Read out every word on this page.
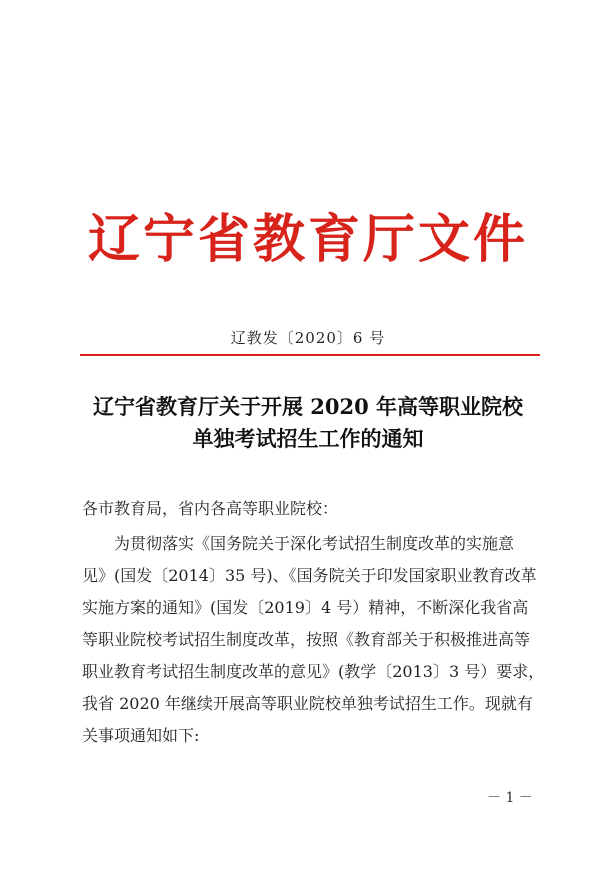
辽宁省教育厅文件
辽教发〔2020〕6 号
辽宁省教育厅关于开展 2020 年高等职业院校
单独考试招生工作的通知
各市教育局，省内各高等职业院校：
　　为贯彻落实《国务院关于深化考试招生制度改革的实施意
见》(国发〔2014〕35 号)、《国务院关于印发国家职业教育改革
实施方案的通知》(国发〔2019〕4 号）精神，不断深化我省高
等职业院校考试招生制度改革，按照《教育部关于积极推进高等
职业教育考试招生制度改革的意见》(教学〔2013〕3 号）要求，
我省 2020 年继续开展高等职业院校单独考试招生工作。现就有
关事项通知如下:
－ 1 －
